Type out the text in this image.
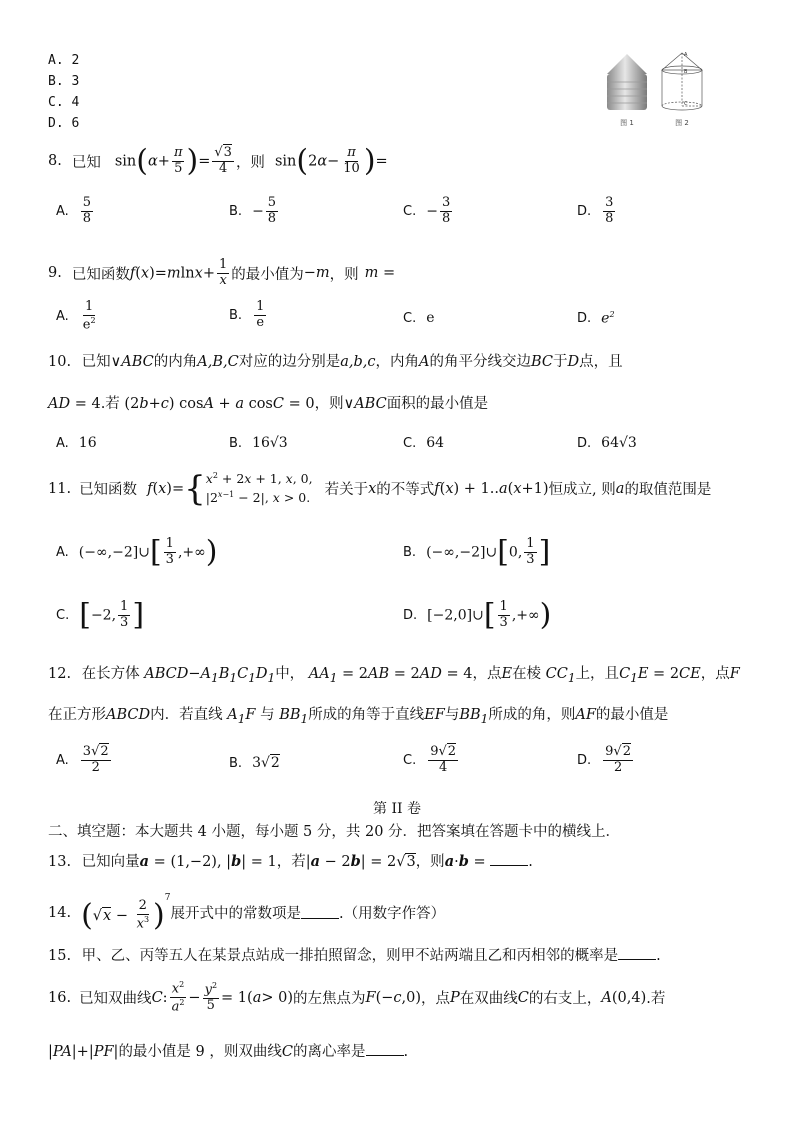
A. 2
B. 3
C. 4
D. 6	图 1
A
B
C
图 2
8. 已知 $\sin(\alpha+ \frac{\pi}{5}$ )= $\frac{√3}{4}$ ，则 $\sin(2\alpha- \frac{\pi}{10}$ )=
A. $\frac{5}{8}$	B. − $\frac{5}{8}$	C. − $\frac{3}{8}$	D. $\frac{3}{8}$
9. 已知函数 $f(x)=mlnx+ \frac{1}{x}$ 的最小值为 −m ，则 m =
A. $\frac{1}{e^2}$	B. $\frac{1}{e}$	C. e	D. $e^2$
10. 已知∨ABC的内角A,B,C对应的边分别是a,b,c，内角A的角平分线交边BC于D点，且
AD = 4.若 (2b+c) cosA + a cosC = 0，则∨ABC面积的最小值是
A. 16	B. 16√3	C. 64	D. 64√3
11. 已知函数 f(x)={ $x^2 + 2x + 1$, x, 0,
$|2^{x-1} - 2|$, x > 0. 若关于 x 的不等式 f ( x ) + 1.. a ( x +1) 恒成立, 则 a 的取值范围是
A. (−∞,−2]∪[ $\frac{1}{3}$ ,+∞)	B. (−∞,−2]∪[0, $\frac{1}{3}$ ]
C. [−2, $\frac{1}{3}$ ]	D. [−2,0]∪[ $\frac{1}{3}$ ,+∞)
12. 在长方体 $ABCD-A_1B_1C_1D_1$中， $AA_1 = 2AB = 2AD = 4$，点E在棱 $CC_1$上，且$C_1E = 2CE$，点F
在正方形ABCD内．若直线 $A_1F$ 与 $BB_1$所成的角等于直线EF与$BB_1$所成的角，则AF的最小值是
A. $\frac{3√2}{2}$	B. 3√2	C. $\frac{9√2}{4}$	D. $\frac{9√2}{2}$
第 II 卷
二、填空题：本大题共 4 小题，每小题 5 分，共 20 分．把答案填在答题卡中的横线上．
13. 已知向量a = (1,−2), |b| = 1，若|a − 2b| = 2√3，则a·b =	.
14. $(√x - \frac{2}{x^3} )^7$
展开式中的常数项是	.（用数字作答）
15. 甲、乙、丙等五人在某景点站成一排拍照留念，则甲不站两端且乙和丙相邻的概率是	.
16. 已知双曲线 C : $\frac{x^2}{a^2} - \frac{y^2}{5} = 1$( a > 0) 的左焦点为 F (− c ,0) ，点 P 在双曲线 C 的右支上， A (0,4) .若
|PA|+|PF|的最小值是 9 ，则双曲线C的离心率是	.
